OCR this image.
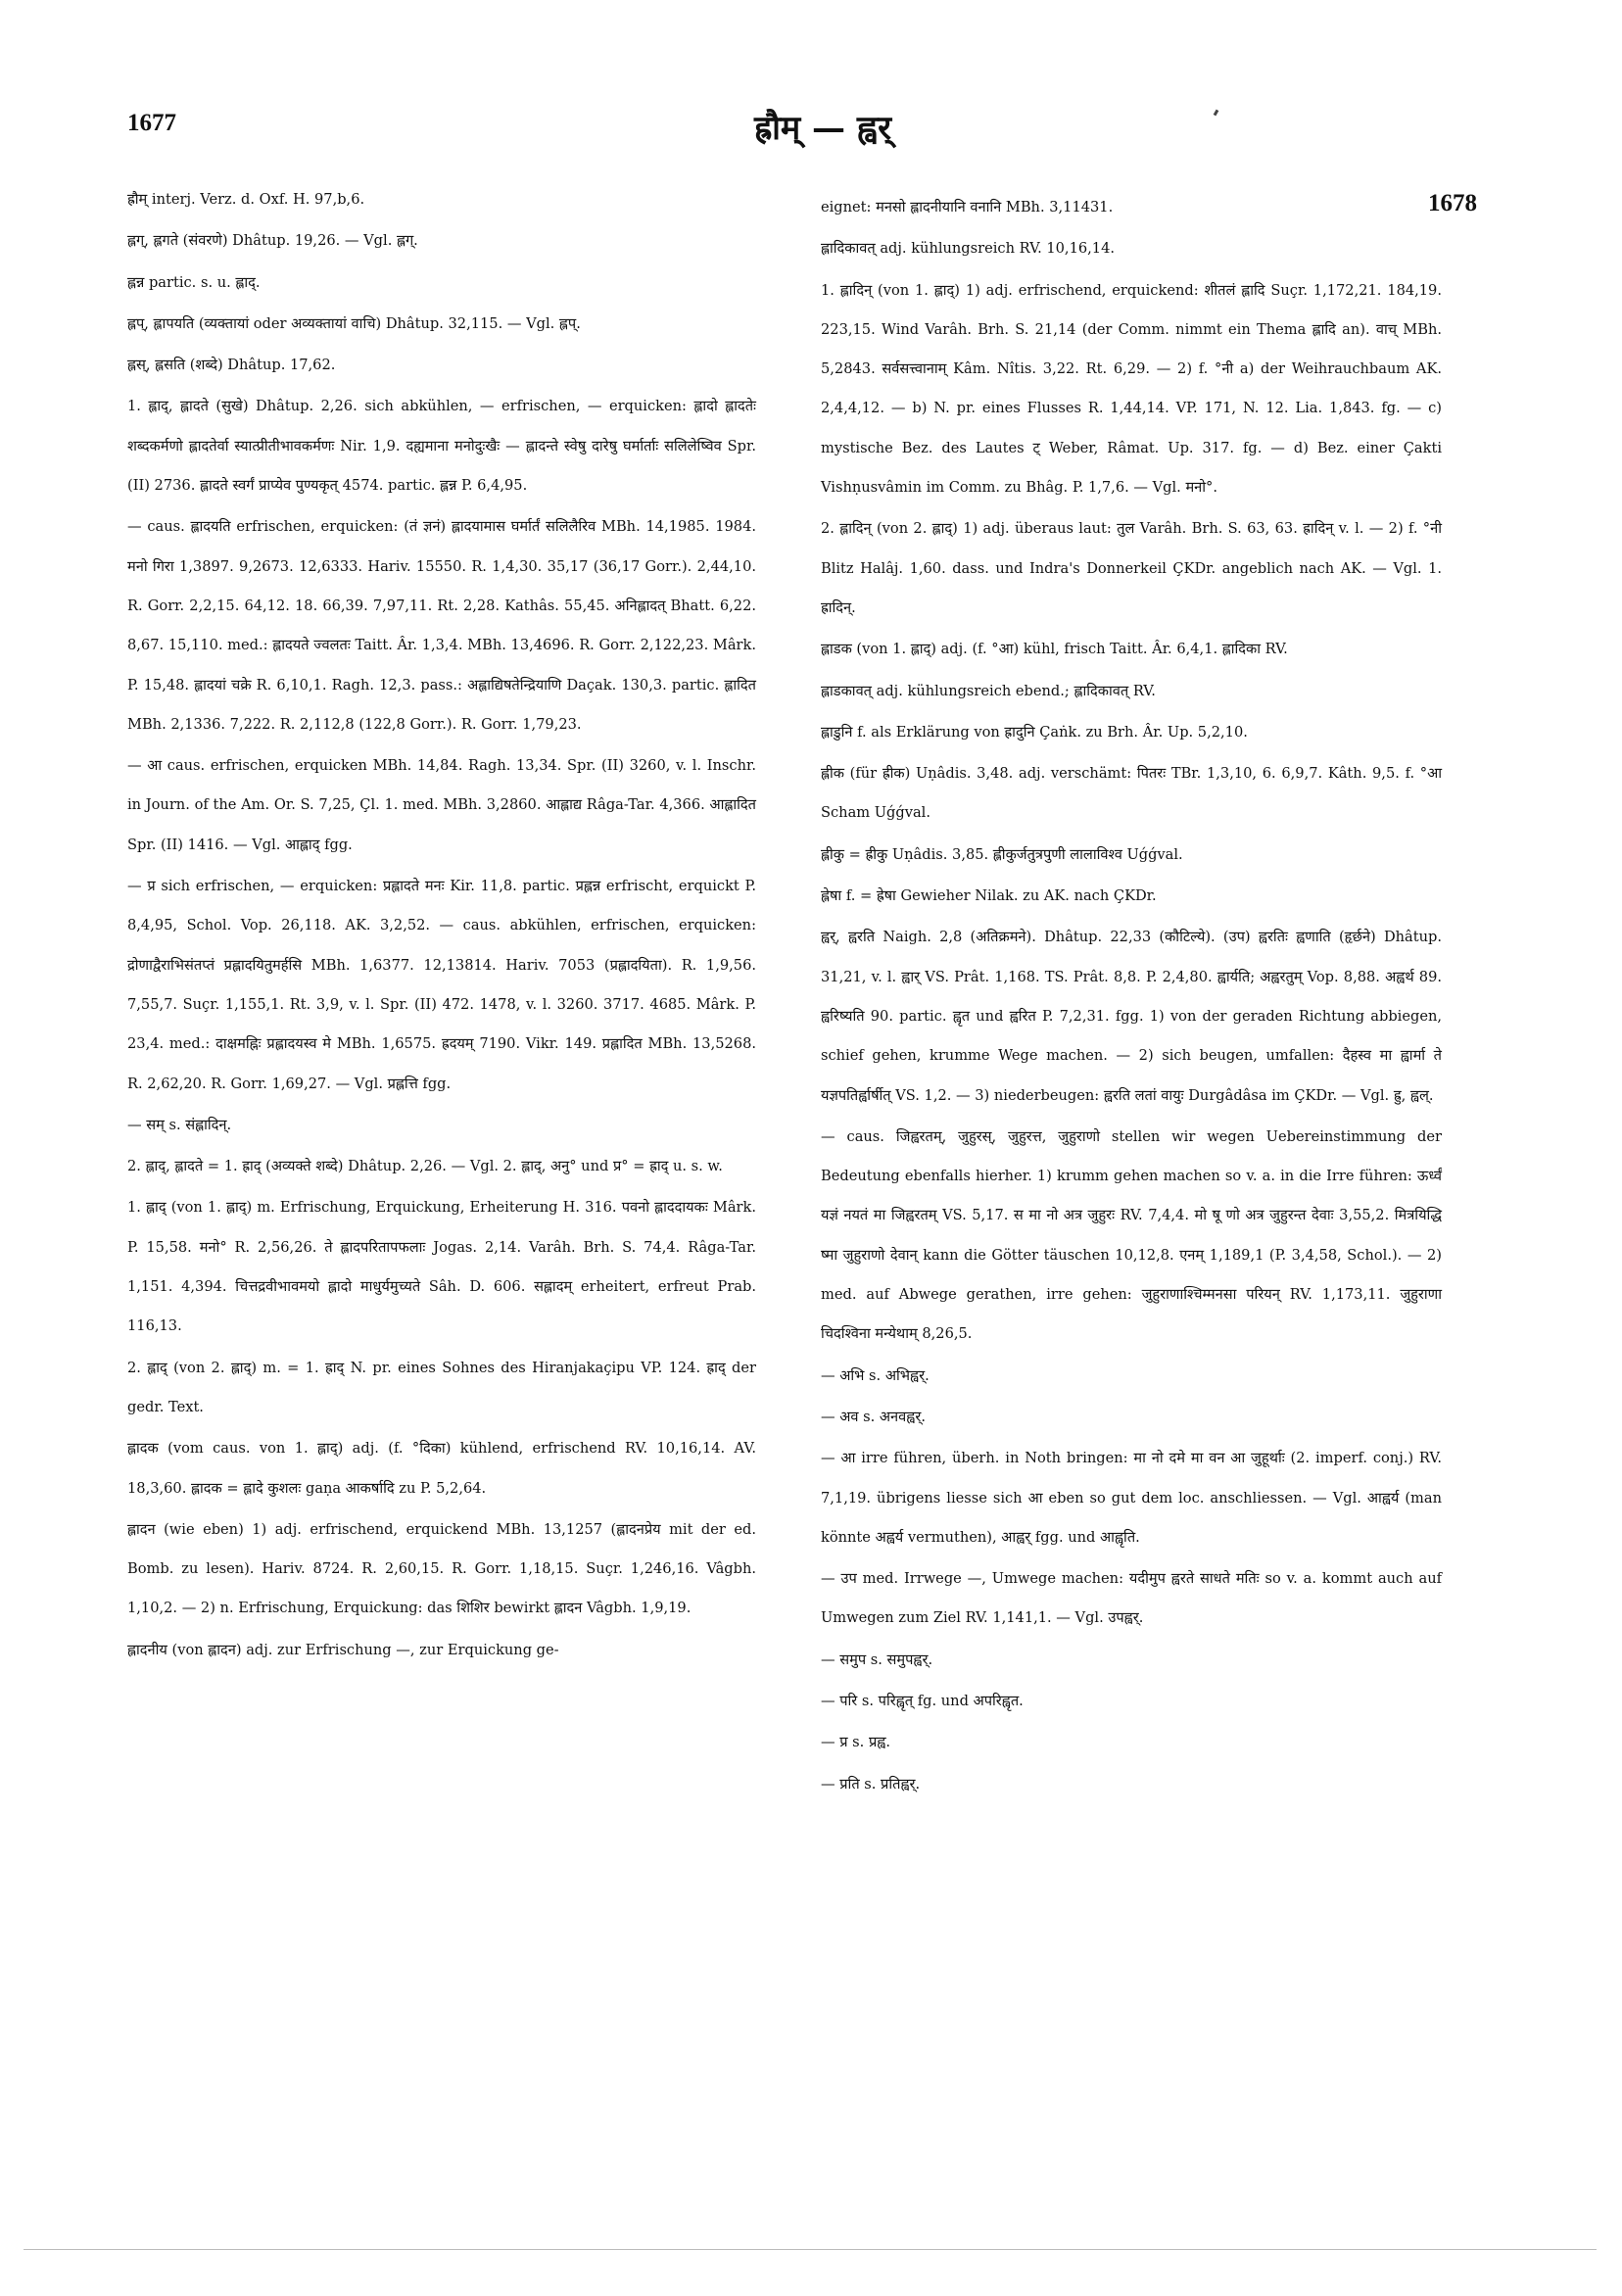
1677	ह्रौम् — ह्वर्
1678

ह्रौम् interj. Verz. d. Oxf. H. 97,b,6.

ह्लग्, ह्लगते (संवरणे) Dhâtup. 19,26. — Vgl. ह्लग्.

ह्लन्न partic. s. u. ह्लाद्.

ह्लप्, ह्लापयति (व्यक्तायां oder अव्यक्तायां वाचि) Dhâtup. 32,115. — Vgl. ह्लप्.

ह्लस्, ह्लसति (शब्दे) Dhâtup. 17,62.

1. ह्लाद्, ह्लादते (सुखे) Dhâtup. 2,26. sich abkühlen, — erfrischen, — erquicken: ह्लादो ह्लादतेः शब्दकर्मणो ह्लादतेर्वा स्यात्प्रीतीभावकर्मणः Nir. 1,9. दह्यमाना मनोदुःखैः — ह्लादन्ते स्वेषु दारेषु घर्मार्ताः सलिलेष्विव Spr. (II) 2736. ह्लादते स्वर्गं प्राप्येव पुण्यकृत् 4574. partic. ह्लन्न P. 6,4,95.

— caus. ह्लादयति erfrischen, erquicken: (तं ज्ञनं) ह्लादयामास घर्मार्तं सलिलैरिव MBh. 14,1985. 1984. मनो गिरा 1,3897. 9,2673. 12,6333. Hariv. 15550. R. 1,4,30. 35,17 (36,17 Gorr.). 2,44,10. R. Gorr. 2,2,15. 64,12. 18. 66,39. 7,97,11. Rt. 2,28. Kathâs. 55,45. अनिह्लादत् Bhatt. 6,22. 8,67. 15,110. med.: ह्लादयते ज्वलतः Taitt. Âr. 1,3,4. MBh. 13,4696. R. Gorr. 2,122,23. Mârk. P. 15,48. ह्लादयां चक्रे R. 6,10,1. Ragh. 12,3. pass.: अह्लाद्यिषतेन्द्रियाणि Daçak. 130,3. partic. ह्लादित MBh. 2,1336. 7,222. R. 2,112,8 (122,8 Gorr.). R. Gorr. 1,79,23.

— आ caus. erfrischen, erquicken MBh. 14,84. Ragh. 13,34. Spr. (II) 3260, v. l. Inschr. in Journ. of the Am. Or. S. 7,25, Çl. 1. med. MBh. 3,2860. आह्लाद्य Râga-Tar. 4,366. आह्लादित Spr. (II) 1416. — Vgl. आह्लाद् fgg.

— प्र sich erfrischen, — erquicken: प्रह्लादते मनः Kir. 11,8. partic. प्रह्लन्न erfrischt, erquickt P. 8,4,95, Schol. Vop. 26,118. AK. 3,2,52. — caus. abkühlen, erfrischen, erquicken: द्रोणाद्वैराभिसंतप्तं प्रह्लादयितुमर्हसि MBh. 1,6377. 12,13814. Hariv. 7053 (प्रह्लादयिता). R. 1,9,56. 7,55,7. Suçr. 1,155,1. Rt. 3,9, v. l. Spr. (II) 472. 1478, v. l. 3260. 3717. 4685. Mârk. P. 23,4. med.: दाक्षमह्निः प्रह्लादयस्व मे MBh. 1,6575. ह्रदयम् 7190. Vikr. 149. प्रह्लादित MBh. 13,5268. R. 2,62,20. R. Gorr. 1,69,27. — Vgl. प्रह्लत्ति fgg.

— सम् s. संह्लादिन्.

2. ह्लाद्, ह्लादते = 1. ह्राद् (अव्यक्ते शब्दे) Dhâtup. 2,26. — Vgl. 2. ह्लाद्, अनु° und प्र° = ह्राद् u. s. w.

1. ह्लाद् (von 1. ह्लाद्) m. Erfrischung, Erquickung, Erheiterung H. 316. पवनो ह्लाददायकः Mârk. P. 15,58. मनो° R. 2,56,26. ते ह्लादपरितापफलाः Jogas. 2,14. Varâh. Brh. S. 74,4. Râga-Tar. 1,151. 4,394. चित्तद्रवीभावमयो ह्लादो माधुर्यमुच्यते Sâh. D. 606. सह्लादम् erheitert, erfreut Prab. 116,13.

2. ह्लाद् (von 2. ह्लाद्) m. = 1. ह्राद् N. pr. eines Sohnes des Hiranjakaçipu VP. 124. ह्राद् der gedr. Text.

ह्लादक (vom caus. von 1. ह्लाद्) adj. (f. °दिका) kühlend, erfrischend RV. 10,16,14. AV. 18,3,60. ह्लादक = ह्लादे कुशलः gaṇa आकर्षादि zu P. 5,2,64.

ह्लादन (wie eben) 1) adj. erfrischend, erquickend MBh. 13,1257 (ह्लादनप्रेय mit der ed. Bomb. zu lesen). Hariv. 8724. R. 2,60,15. R. Gorr. 1,18,15. Suçr. 1,246,16. Vâgbh. 1,10,2. — 2) n. Erfrischung, Erquickung: das शिशिर bewirkt ह्लादन Vâgbh. 1,9,19.

ह्लादनीय (von ह्लादन) adj. zur Erfrischung —, zur Erquickung ge-

eignet: मनसो ह्लादनीयानि वनानि MBh. 3,11431.

ह्लादिकावत् adj. kühlungsreich RV. 10,16,14.

1. ह्लादिन् (von 1. ह्लाद्) 1) adj. erfrischend, erquickend: शीतलं ह्लादि Suçr. 1,172,21. 184,19. 223,15. Wind Varâh. Brh. S. 21,14 (der Comm. nimmt ein Thema ह्लादि an). वाच् MBh. 5,2843. सर्वसत्त्वानाम् Kâm. Nîtis. 3,22. Rt. 6,29. — 2) f. °नी a) der Weihrauchbaum AK. 2,4,4,12. — b) N. pr. eines Flusses R. 1,44,14. VP. 171, N. 12. Lia. 1,843. fg. — c) mystische Bez. des Lautes ट् Weber, Râmat. Up. 317. fg. — d) Bez. einer Çakti Vishṇusvâmin im Comm. zu Bhâg. P. 1,7,6. — Vgl. मनो°.

2. ह्लादिन् (von 2. ह्लाद्) 1) adj. überaus laut: तुल Varâh. Brh. S. 63, 63. ह्रादिन् v. l. — 2) f. °नी Blitz Halâj. 1,60. dass. und Indra's Donnerkeil ÇKDr. angeblich nach AK. — Vgl. 1. ह्रादिन्.

ह्लाडक (von 1. ह्लाद्) adj. (f. °आ) kühl, frisch Taitt. Âr. 6,4,1. ह्लादिका RV.

ह्लाडकावत् adj. kühlungsreich ebend.; ह्लादिकावत् RV.

ह्लाडुनि f. als Erklärung von ह्रादुनि Çaṅk. zu Brh. Âr. Up. 5,2,10.

ह्लीक (für ह्रीक) Uṇâdis. 3,48. adj. verschämt: पितरः TBr. 1,3,10, 6. 6,9,7. Kâth. 9,5. f. °आ Scham Uǵǵval.

ह्लीकु = ह्रीकु Uṇâdis. 3,85. ह्लीकुर्जतुत्रपुणी लालाविश्व Uǵǵval.

ह्लेषा f. = ह्रेषा Gewieher Nilak. zu AK. nach ÇKDr.

ह्वर्, ह्वरति Naigh. 2,8 (अतिक्रमने). Dhâtup. 22,33 (कौटिल्ये). (उप) ह्वरतिः ह्वणाति (हृर्छने) Dhâtup. 31,21, v. l. ह्वार् VS. Prât. 1,168. TS. Prât. 8,8. P. 2,4,80. ह्वार्यति; अह्वरतुम् Vop. 8,88. अह्वर्थ 89. ह्वरिष्यति 90. partic. ह्वृत und ह्वरित P. 7,2,31. fgg. 1) von der geraden Richtung abbiegen, schief gehen, krumme Wege machen. — 2) sich beugen, umfallen: दैहस्व मा ह्वार्मा ते यज्ञपतिर्ह्वार्षीत् VS. 1,2. — 3) niederbeugen: ह्वरति लतां वायुः Durgâdâsa im ÇKDr. — Vgl. ह्रु, ह्वल्.

— caus. जिह्वरतम्, जुहुरस्, जुहुरत्त, जुहुराणो stellen wir wegen Uebereinstimmung der Bedeutung ebenfalls hierher. 1) krumm gehen machen so v. a. in die Irre führen: ऊर्ध्वं यज्ञं नयतं मा जिह्वरतम् VS. 5,17. स मा नो अत्र जुहुरः RV. 7,4,4. मो षू णो अत्र जुहुरन्त देवाः 3,55,2. मित्रयिद्धि ष्मा जुहुराणो देवान् kann die Götter täuschen 10,12,8. एनम् 1,189,1 (P. 3,4,58, Schol.). — 2) med. auf Abwege gerathen, irre gehen: जुहुराणाश्चिम्मनसा परियन् RV. 1,173,11. जुहुराणा चिदश्विना मन्येथाम् 8,26,5.

— अभि s. अभिह्वर्.

— अव s. अनवह्वर्.

— आ irre führen, überh. in Noth bringen: मा नो दमे मा वन आ जुहूर्थाः (2. imperf. conj.) RV. 7,1,19. übrigens liesse sich आ eben so gut dem loc. anschliessen. — Vgl. आह्वर्य (man könnte अह्वर्य vermuthen), आह्वर् fgg. und आह्वृति.

— उप med. Irrwege —, Umwege machen: यदीमुप ह्वरते साधते मतिः so v. a. kommt auch auf Umwegen zum Ziel RV. 1,141,1. — Vgl. उपह्वर्.

— समुप s. समुपह्वर्.

— परि s. परिह्वृत् fg. und अपरिह्वृत.

— प्र s. प्रह्व.

— प्रति s. प्रतिह्वर्.
